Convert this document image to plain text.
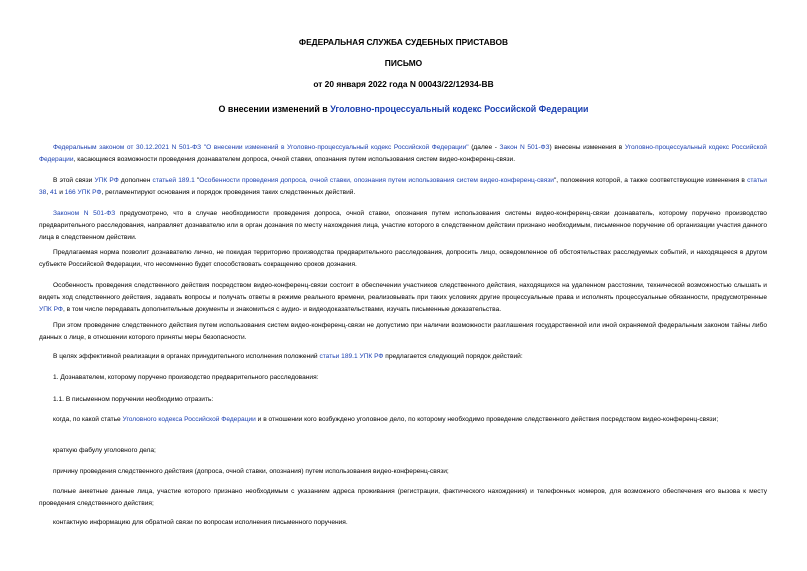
ФЕДЕРАЛЬНАЯ СЛУЖБА СУДЕБНЫХ ПРИСТАВОВ
ПИСЬМО
от 20 января 2022 года N 00043/22/12934-ВВ
О внесении изменений в Уголовно-процессуальный кодекс Российской Федерации
Федеральным законом от 30.12.2021 N 501-ФЗ "О внесении изменений в Уголовно-процессуальный кодекс Российской Федерации" (далее - Закон N 501-ФЗ) внесены изменения в Уголовно-процессуальный кодекс Российской Федерации, касающиеся возможности проведения дознавателем допроса, очной ставки, опознания путем использования систем видео-конференц-связи.
В этой связи УПК РФ дополнен статьей 189.1 "Особенности проведения допроса, очной ставки, опознания путем использования систем видео-конференц-связи", положения которой, а также соответствующие изменения в статьи 38, 41 и 166 УПК РФ, регламентируют основания и порядок проведения таких следственных действий.
Законом N 501-ФЗ предусмотрено, что в случае необходимости проведения допроса, очной ставки, опознания путем использования системы видео-конференц-связи дознаватель, которому поручено производство предварительного расследования, направляет дознавателю или в орган дознания по месту нахождения лица, участие которого в следственном действии признано необходимым, письменное поручение об организации участия данного лица в следственном действии.
Предлагаемая норма позволит дознавателю лично, не покидая территорию производства предварительного расследования, допросить лицо, осведомленное об обстоятельствах расследуемых событий, и находящееся в другом субъекте Российской Федерации, что несомненно будет способствовать сокращению сроков дознания.
Особенность проведения следственного действия посредством видео-конференц-связи состоит в обеспечении участников следственного действия, находящихся на удаленном расстоянии, технической возможностью слышать и видеть ход следственного действия, задавать вопросы и получать ответы в режиме реального времени, реализовывать при таких условиях другие процессуальные права и исполнять процессуальные обязанности, предусмотренные УПК РФ, в том числе передавать дополнительные документы и знакомиться с аудио- и видеодоказательствами, изучать письменные доказательства.
При этом проведение следственного действия путем использования систем видео-конференц-связи не допустимо при наличии возможности разглашения государственной или иной охраняемой федеральным законом тайны либо данных о лице, в отношении которого приняты меры безопасности.
В целях эффективной реализации в органах принудительного исполнения положений статьи 189.1 УПК РФ предлагается следующий порядок действий:
1. Дознавателем, которому поручено производство предварительного расследования:
1.1. В письменном поручении необходимо отразить:
когда, по какой статье Уголовного кодекса Российской Федерации и в отношении кого возбуждено уголовное дело, по которому необходимо проведение следственного действия посредством видео-конференц-связи;
краткую фабулу уголовного дела;
причину проведения следственного действия (допроса, очной ставки, опознания) путем использования видео-конференц-связи;
полные анкетные данные лица, участие которого признано необходимым с указанием адреса проживания (регистрации, фактического нахождения) и телефонных номеров, для возможного обеспечения его вызова к месту проведения следственного действия;
контактную информацию для обратной связи по вопросам исполнения письменного поручения.
